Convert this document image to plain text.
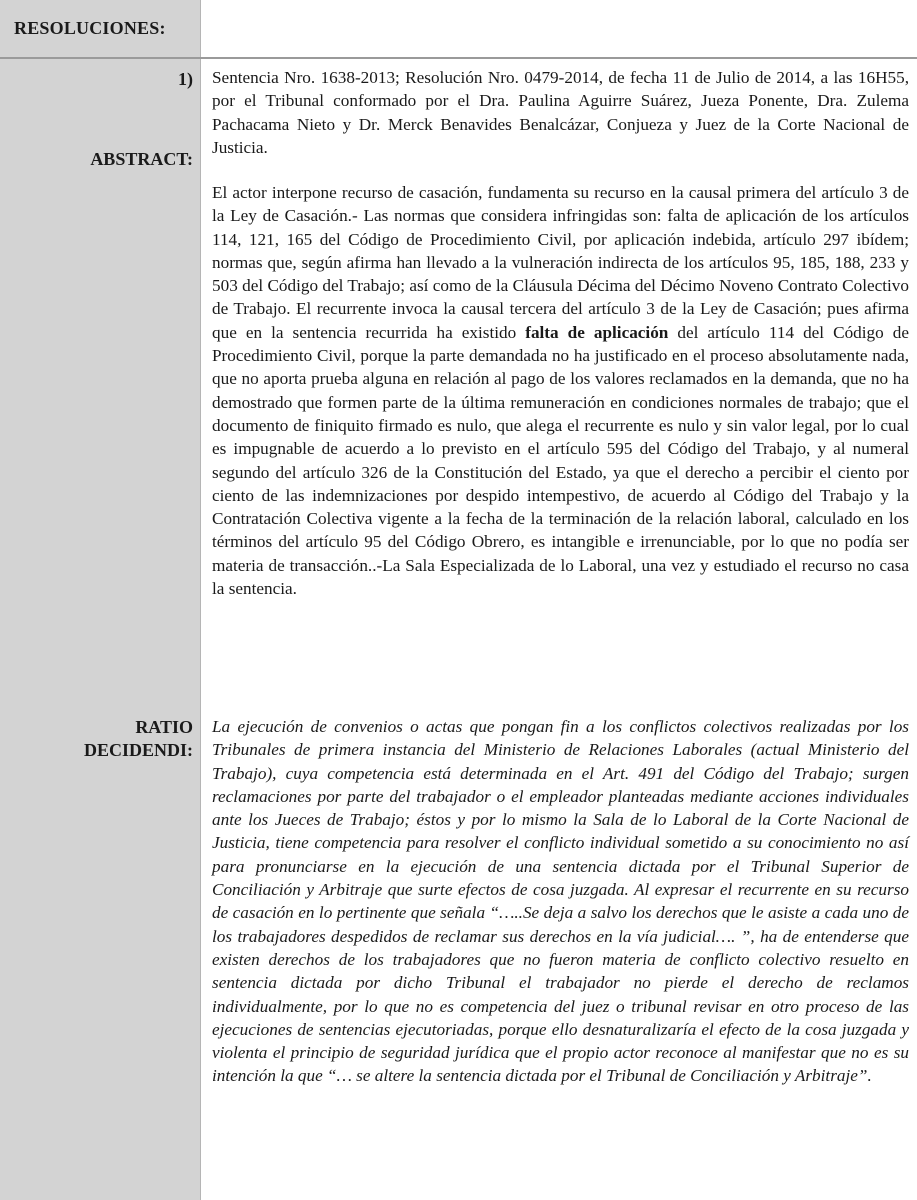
RESOLUCIONES:
1)
ABSTRACT:
RATIO DECIDENDI:

Sentencia Nro. 1638-2013; Resolución Nro. 0479-2014, de fecha 11 de Julio de 2014, a las 16H55, por el Tribunal conformado por el Dra. Paulina Aguirre Suárez, Jueza Ponente, Dra. Zulema Pachacama Nieto y Dr. Merck Benavides Benalcázar, Conjueza y Juez de la Corte Nacional de Justicia.

El actor interpone recurso de casación, fundamenta su recurso en la causal primera del artículo 3 de la Ley de Casación.- Las normas que considera infringidas son: falta de aplicación de los artículos 114, 121, 165 del Código de Procedimiento Civil, por aplicación indebida, artículo 297 ibídem; normas que, según afirma han llevado a la vulneración indirecta de los artículos 95, 185, 188, 233 y 503 del Código del Trabajo; así como de la Cláusula Décima del Décimo Noveno Contrato Colectivo de Trabajo. El recurrente invoca la causal tercera del artículo 3 de la Ley de Casación; pues afirma que en la sentencia recurrida ha existido falta de aplicación del artículo 114 del Código de Procedimiento Civil, porque la parte demandada no ha justificado en el proceso absolutamente nada, que no aporta prueba alguna en relación al pago de los valores reclamados en la demanda, que no ha demostrado que formen parte de la última remuneración en condiciones normales de trabajo; que el documento de finiquito firmado es nulo, que alega el recurrente es nulo y sin valor legal, por lo cual es impugnable de acuerdo a lo previsto en el artículo 595 del Código del Trabajo, y al numeral segundo del artículo 326 de la Constitución del Estado, ya que el derecho a percibir el ciento por ciento de las indemnizaciones por despido intempestivo, de acuerdo al Código del Trabajo y la Contratación Colectiva vigente a la fecha de la terminación de la relación laboral, calculado en los términos del artículo 95 del Código Obrero, es intangible e irrenunciable, por lo que no podía ser materia de transacción..-La Sala Especializada de lo Laboral, una vez y estudiado el recurso no casa la sentencia.

La ejecución de convenios o actas que pongan fin a los conflictos colectivos realizadas por los Tribunales de primera instancia del Ministerio de Relaciones Laborales (actual Ministerio del Trabajo), cuya competencia está determinada en el Art. 491 del Código del Trabajo; surgen reclamaciones por parte del trabajador o el empleador planteadas mediante acciones individuales ante los Jueces de Trabajo; éstos y por lo mismo la Sala de lo Laboral de la Corte Nacional de Justicia, tiene competencia para resolver el conflicto individual sometido a su conocimiento no así para pronunciarse en la ejecución de una sentencia dictada por el Tribunal Superior de Conciliación y Arbitraje que surte efectos de cosa juzgada. Al expresar el recurrente en su recurso de casación en lo pertinente que señala “…..Se deja a salvo los derechos que le asiste a cada uno de los trabajadores despedidos de reclamar sus derechos en la vía judicial…. ”, ha de entenderse que existen derechos de los trabajadores que no fueron materia de conflicto colectivo resuelto en sentencia dictada por dicho Tribunal el trabajador no pierde el derecho de reclamos individualmente, por lo que no es competencia del juez o tribunal revisar en otro proceso de las ejecuciones de sentencias ejecutoriadas, porque ello desnaturalizaría el efecto de la cosa juzgada y violenta el principio de seguridad jurídica que el propio actor reconoce al manifestar que no es su intención la que “… se altere la sentencia dictada por el Tribunal de Conciliación y Arbitraje”.
